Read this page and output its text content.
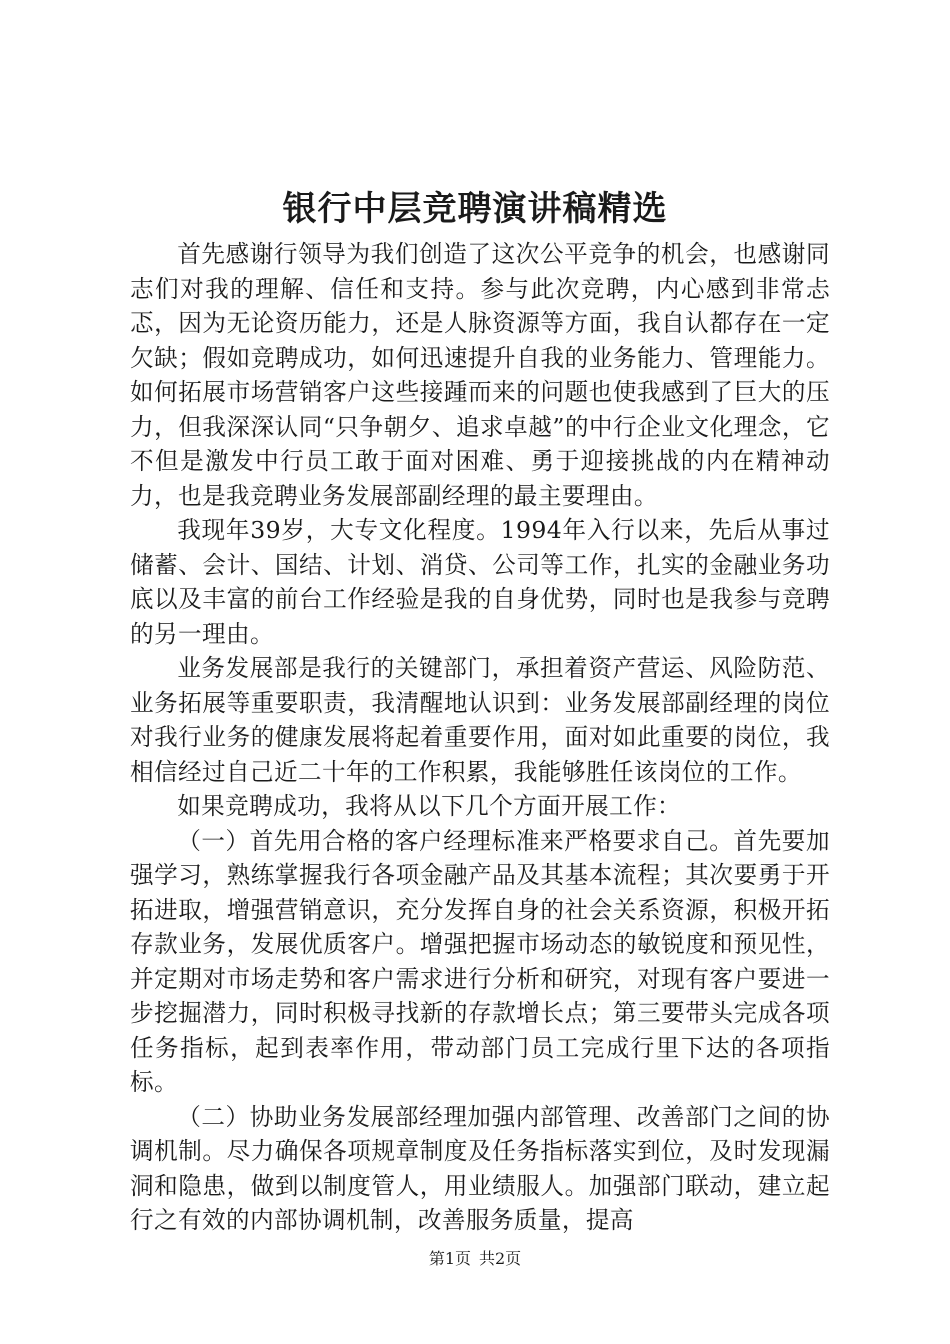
银行中层竞聘演讲稿精选

首先感谢行领导为我们创造了这次公平竞争的机会，也感谢同志们对我的理解、信任和支持。参与此次竞聘，内心感到非常忐忑，因为无论资历能力，还是人脉资源等方面，我自认都存在一定欠缺；假如竞聘成功，如何迅速提升自我的业务能力、管理能力。如何拓展市场营销客户这些接踵而来的问题也使我感到了巨大的压力，但我深深认同“只争朝夕、追求卓越”的中行企业文化理念，它不但是激发中行员工敢于面对困难、勇于迎接挑战的内在精神动力，也是我竞聘业务发展部副经理的最主要理由。

我现年39岁，大专文化程度。1994年入行以来，先后从事过储蓄、会计、国结、计划、消贷、公司等工作，扎实的金融业务功底以及丰富的前台工作经验是我的自身优势，同时也是我参与竞聘的另一理由。

业务发展部是我行的关键部门，承担着资产营运、风险防范、业务拓展等重要职责，我清醒地认识到：业务发展部副经理的岗位对我行业务的健康发展将起着重要作用，面对如此重要的岗位，我相信经过自己近二十年的工作积累，我能够胜任该岗位的工作。

如果竞聘成功，我将从以下几个方面开展工作：

（一）首先用合格的客户经理标准来严格要求自己。首先要加强学习，熟练掌握我行各项金融产品及其基本流程；其次要勇于开拓进取，增强营销意识，充分发挥自身的社会关系资源，积极开拓存款业务，发展优质客户。增强把握市场动态的敏锐度和预见性，并定期对市场走势和客户需求进行分析和研究，对现有客户要进一步挖掘潜力，同时积极寻找新的存款增长点；第三要带头完成各项任务指标，起到表率作用，带动部门员工完成行里下达的各项指标。

（二）协助业务发展部经理加强内部管理、改善部门之间的协调机制。尽力确保各项规章制度及任务指标落实到位，及时发现漏洞和隐患，做到以制度管人，用业绩服人。加强部门联动，建立起行之有效的内部协调机制，改善服务质量，提高

第1页 共2页
